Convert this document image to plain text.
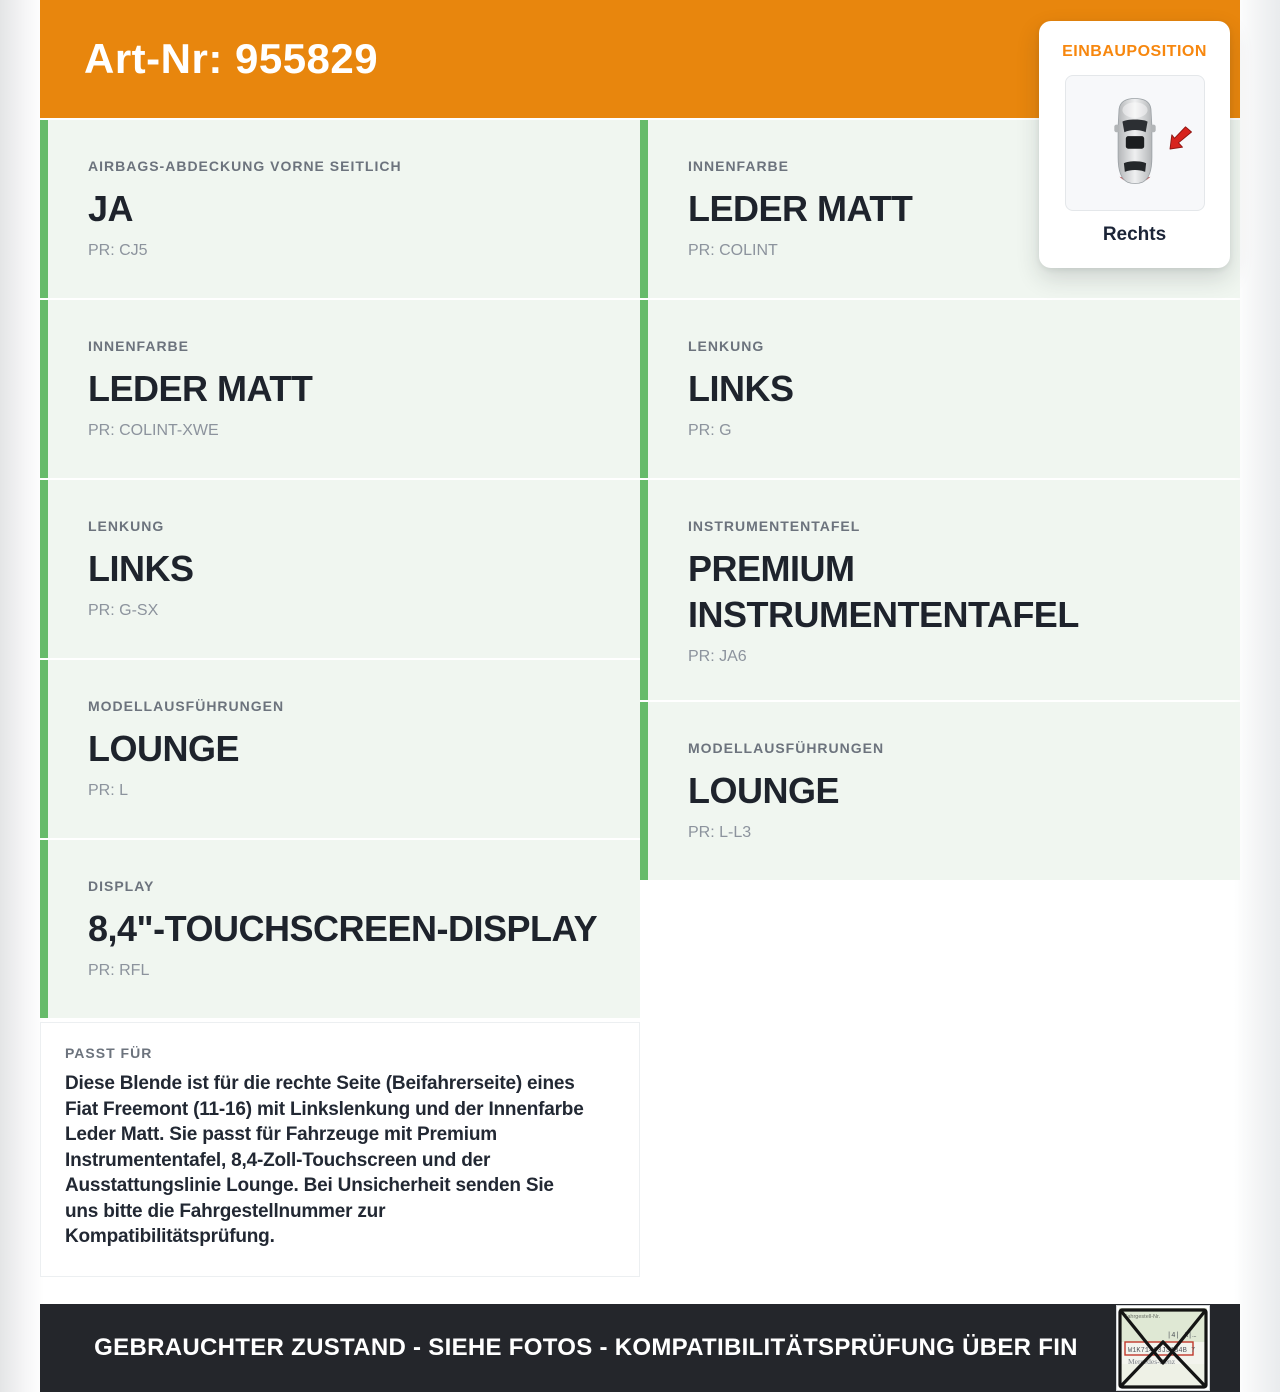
Art-Nr: 955829
AIRBAGS-ABDECKUNG VORNE SEITLICH
JA
PR: CJ5
INNENFARBE
LEDER MATT
PR: COLINT-XWE
LENKUNG
LINKS
PR: G-SX
MODELLAUSFÜHRUNGEN
LOUNGE
PR: L
DISPLAY
8,4"-TOUCHSCREEN-DISPLAY
PR: RFL
PASST FÜR
Diese Blende ist für die rechte Seite (Beifahrerseite) eines Fiat Freemont (11-16) mit Linkslenkung und der Innenfarbe Leder Matt. Sie passt für Fahrzeuge mit Premium Instrumententafel, 8,4-Zoll-Touchscreen und der Ausstattungslinie Lounge. Bei Unsicherheit senden Sie uns bitte die Fahrgestellnummer zur Kompatibilitätsprüfung.
INNENFARBE
LEDER MATT
PR: COLINT
LENKUNG
LINKS
PR: G
INSTRUMENTENTAFEL
PREMIUM INSTRUMENTENTAFEL
PR: JA6
MODELLAUSFÜHRUNGEN
LOUNGE
PR: L-L3
EINBAUPOSITION
Rechts
GEBRAUCHTER ZUSTAND - SIEHE FOTOS - KOMPATIBILITÄTSPRÜFUNG ÜBER FIN
Fahrgestell-Nr.
|4| A|…
W1K71463J3134B 7
Mercedes-Benz
